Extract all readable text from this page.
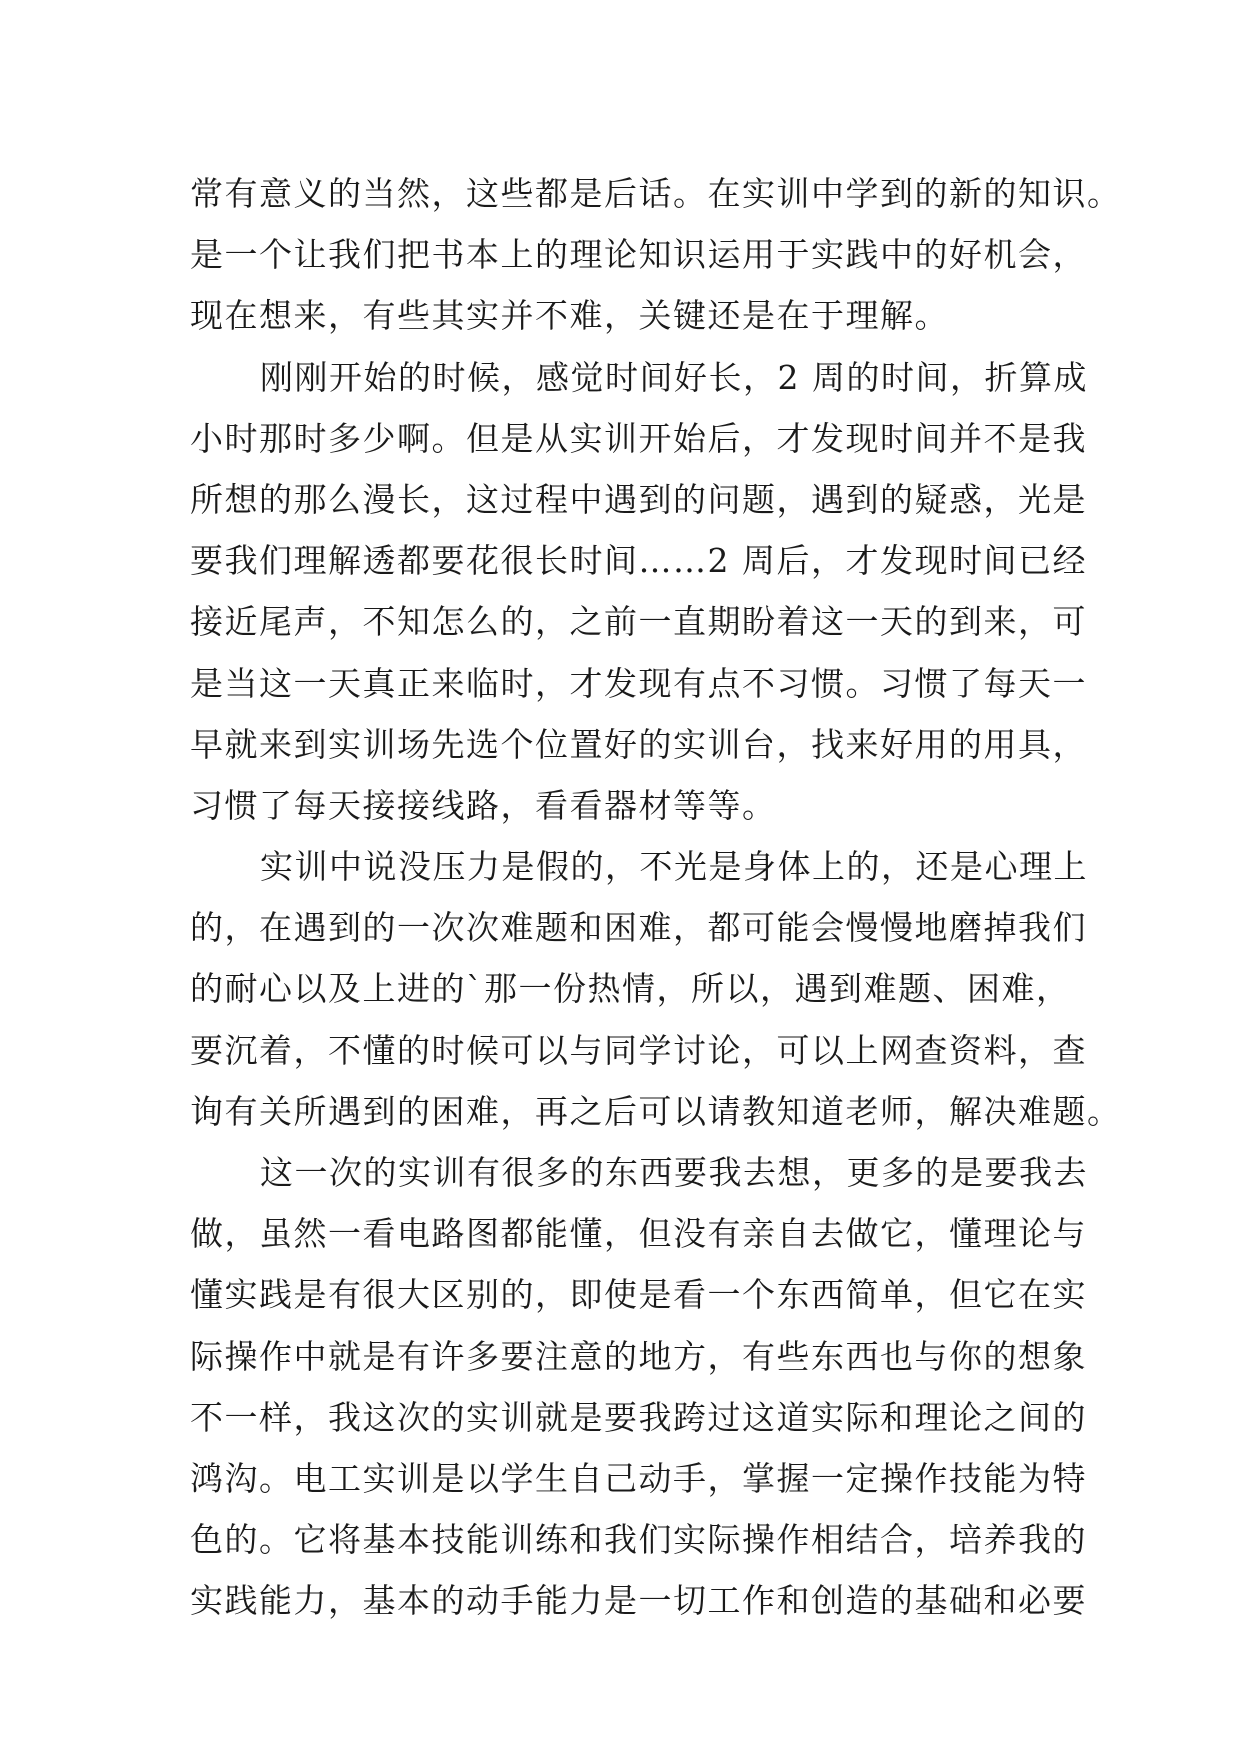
常有意义的当然，这些都是后话。在实训中学到的新的知识。
是一个让我们把书本上的理论知识运用于实践中的好机会，
现在想来，有些其实并不难，关键还是在于理解。
刚刚开始的时候，感觉时间好长，2 周的时间，折算成
小时那时多少啊。但是从实训开始后，才发现时间并不是我
所想的那么漫长，这过程中遇到的问题，遇到的疑惑，光是
要我们理解透都要花很长时间……2 周后，才发现时间已经
接近尾声，不知怎么的，之前一直期盼着这一天的到来，可
是当这一天真正来临时，才发现有点不习惯。习惯了每天一
早就来到实训场先选个位置好的实训台，找来好用的用具，
习惯了每天接接线路，看看器材等等。
实训中说没压力是假的，不光是身体上的，还是心理上
的，在遇到的一次次难题和困难，都可能会慢慢地磨掉我们
的耐心以及上进的`那一份热情，所以，遇到难题、困难，
要沉着，不懂的时候可以与同学讨论，可以上网查资料，查
询有关所遇到的困难，再之后可以请教知道老师，解决难题。
这一次的实训有很多的东西要我去想，更多的是要我去
做，虽然一看电路图都能懂，但没有亲自去做它，懂理论与
懂实践是有很大区别的，即使是看一个东西简单，但它在实
际操作中就是有许多要注意的地方，有些东西也与你的想象
不一样，我这次的实训就是要我跨过这道实际和理论之间的
鸿沟。电工实训是以学生自己动手，掌握一定操作技能为特
色的。它将基本技能训练和我们实际操作相结合，培养我的
实践能力，基本的动手能力是一切工作和创造的基础和必要
